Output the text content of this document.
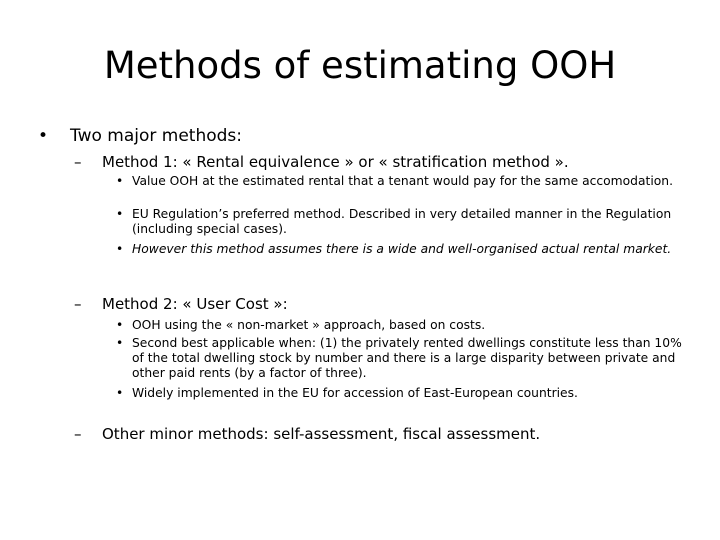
Methods of estimating OOH
• Two major methods:
– Method 1: « Rental equivalence » or « stratification method ».
• Value OOH at the estimated rental that a tenant would pay for the same accomodation.
• EU Regulation’s preferred method. Described in very detailed manner in the Regulation (including special cases).
• However this method assumes there is a wide and well-organised actual rental market.
– Method 2: « User Cost »:
• OOH using the « non-market » approach, based on costs.
• Second best applicable when: (1) the privately rented dwellings constitute less than 10% of the total dwelling stock by number and there is a large disparity between private and other paid rents (by a factor of three).
• Widely implemented in the EU for accession of East-European countries.
– Other minor methods: self-assessment, fiscal assessment.
